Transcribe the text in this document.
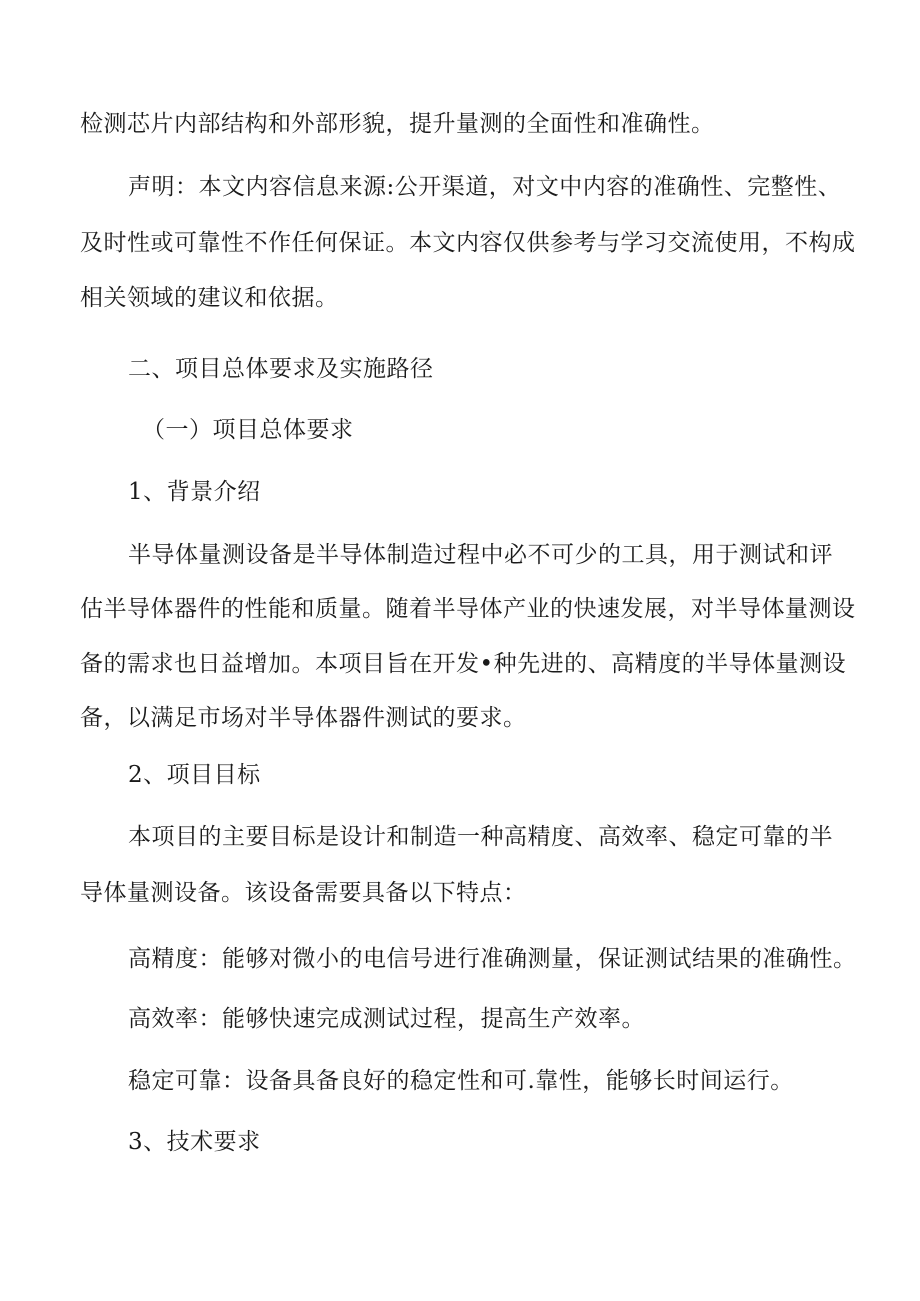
检测芯片内部结构和外部形貌，提升量测的全面性和准确性。
声明：本文内容信息来源:公开渠道，对文中内容的准确性、完整性、
及时性或可靠性不作任何保证。本文内容仅供参考与学习交流使用，不构成
相关领域的建议和依据。
二、项目总体要求及实施路径
（一）项目总体要求
1、背景介绍
半导体量测设备是半导体制造过程中必不可少的工具，用于测试和评
估半导体器件的性能和质量。随着半导体产业的快速发展，对半导体量测设
备的需求也日益增加。本项目旨在开发•种先进的、高精度的半导体量测设
备，以满足市场对半导体器件测试的要求。
2、项目目标
本项目的主要目标是设计和制造一种高精度、高效率、稳定可靠的半
导体量测设备。该设备需要具备以下特点：
高精度：能够对微小的电信号进行准确测量，保证测试结果的准确性。
高效率：能够快速完成测试过程，提高生产效率。
稳定可靠：设备具备良好的稳定性和可.靠性，能够长时间运行。
3、技术要求
